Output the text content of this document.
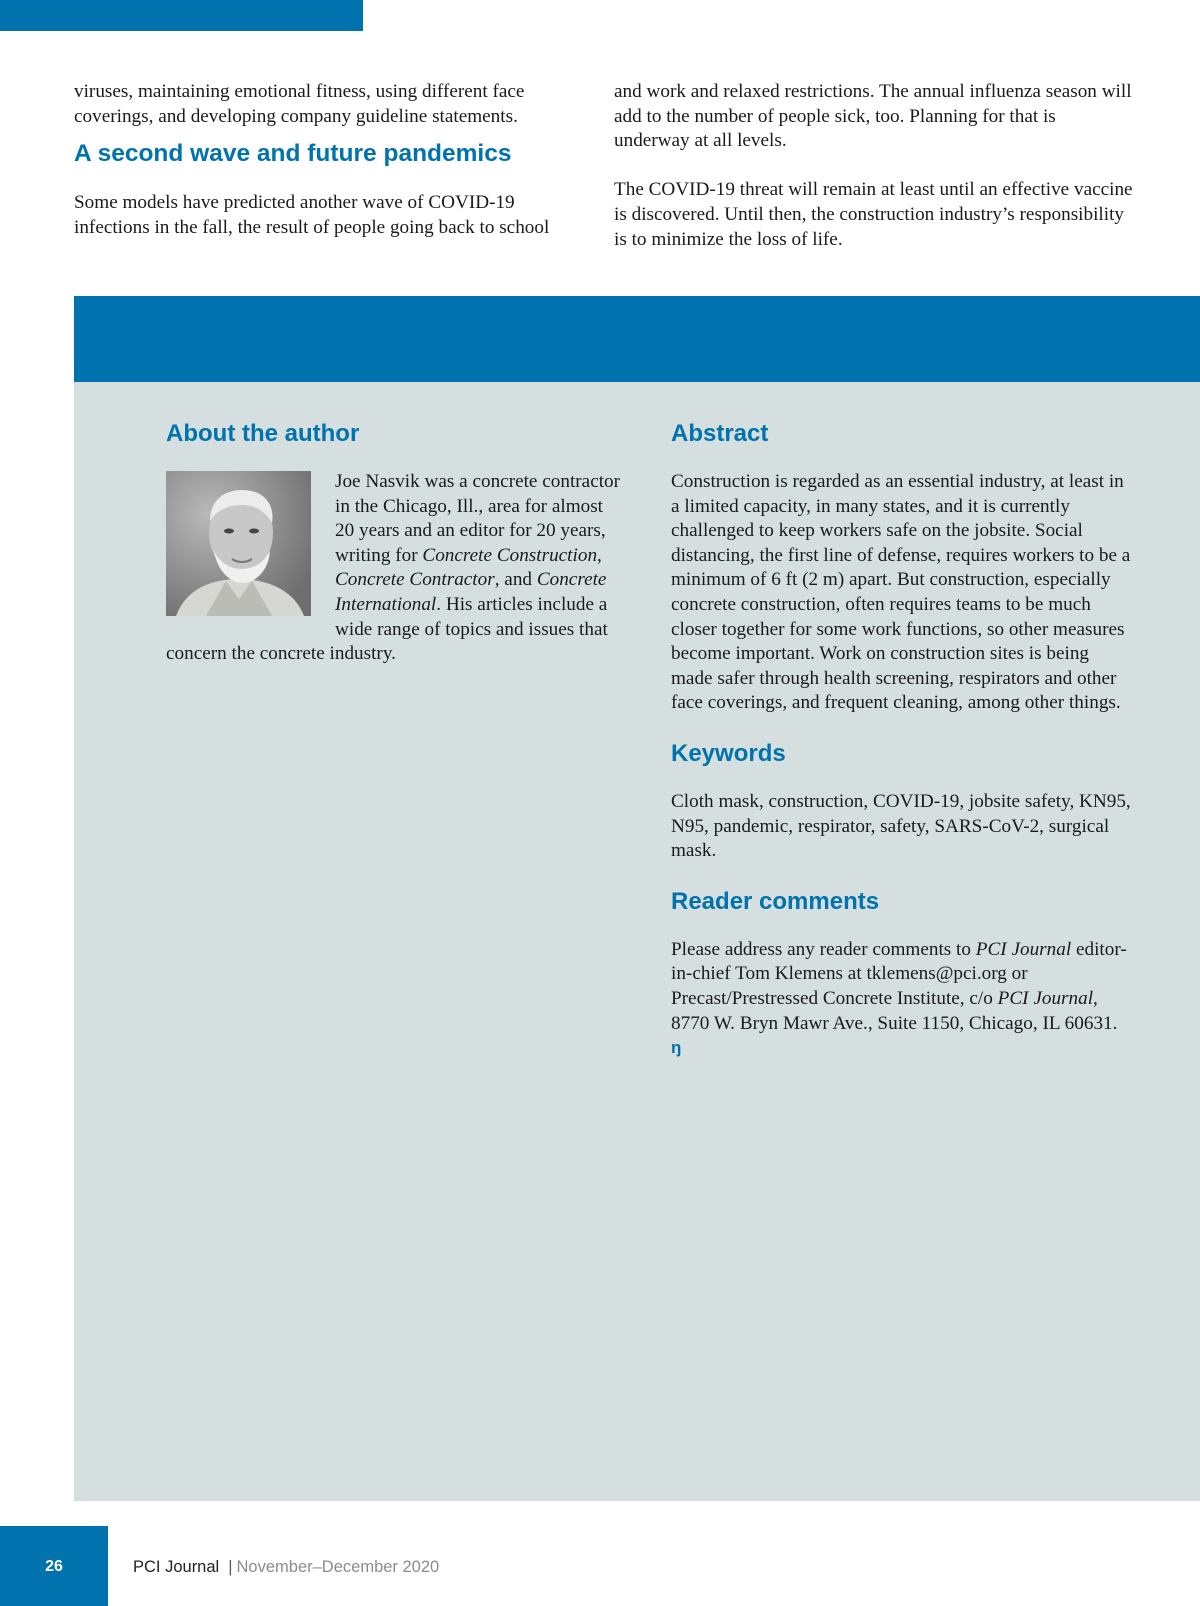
viruses, maintaining emotional fitness, using different face coverings, and developing company guideline statements.

A second wave and future pandemics

Some models have predicted another wave of COVID-19 infections in the fall, the result of people going back to school

and work and relaxed restrictions. The annual influenza season will add to the number of people sick, too. Planning for that is underway at all levels.

The COVID-19 threat will remain at least until an effective vaccine is discovered. Until then, the construction industry’s responsibility is to minimize the loss of life.

About the author

Joe Nasvik was a concrete contractor in the Chicago, Ill., area for almost 20 years and an editor for 20 years, writing for Concrete Construction, Concrete Contractor, and Concrete International. His articles include a wide range of topics and issues that concern the concrete industry.

Abstract

Construction is regarded as an essential industry, at least in a limited capacity, in many states, and it is currently challenged to keep workers safe on the jobsite. Social distancing, the first line of defense, requires workers to be a minimum of 6 ft (2 m) apart. But construction, especially concrete construction, often requires teams to be much closer together for some work functions, so other measures become important. Work on construction sites is being made safer through health screening, respirators and other face coverings, and frequent cleaning, among other things.

Keywords

Cloth mask, construction, COVID-19, jobsite safety, KN95, N95, pandemic, respirator, safety, SARS-CoV-2, surgical mask.

Reader comments

Please address any reader comments to PCI Journal editor-in-chief Tom Klemens at tklemens@pci.org or Precast/Prestressed Concrete Institute, c/o PCI Journal, 8770 W. Bryn Mawr Ave., Suite 1150, Chicago, IL 60631. ŋ

26	PCI Journal | November–December 2020
